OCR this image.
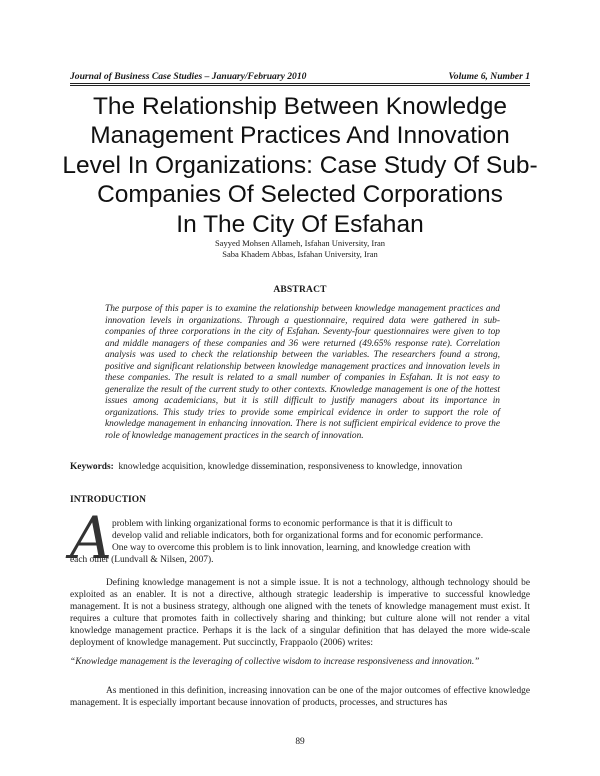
Journal of Business Case Studies – January/February 2010	Volume 6, Number 1
The Relationship Between Knowledge
Management Practices And Innovation
Level In Organizations: Case Study Of Sub-
Companies Of Selected Corporations
In The City Of Esfahan
Sayyed Mohsen Allameh, Isfahan University, Iran
Saba Khadem Abbas, Isfahan University, Iran
ABSTRACT
The purpose of this paper is to examine the relationship between knowledge management practices and innovation levels in organizations. Through a questionnaire, required data were gathered in sub-companies of three corporations in the city of Esfahan. Seventy-four questionnaires were given to top and middle managers of these companies and 36 were returned (49.65% response rate). Correlation analysis was used to check the relationship between the variables. The researchers found a strong, positive and significant relationship between knowledge management practices and innovation levels in these companies. The result is related to a small number of companies in Esfahan. It is not easy to generalize the result of the current study to other contexts. Knowledge management is one of the hottest issues among academicians, but it is still difficult to justify managers about its importance in organizations. This study tries to provide some empirical evidence in order to support the role of knowledge management in enhancing innovation. There is not sufficient empirical evidence to prove the role of knowledge management practices in the search of innovation.
Keywords: knowledge acquisition, knowledge dissemination, responsiveness to knowledge, innovation
INTRODUCTION
A problem with linking organizational forms to economic performance is that it is difficult to
develop valid and reliable indicators, both for organizational forms and for economic performance.
One way to overcome this problem is to link innovation, learning, and knowledge creation with
each other (Lundvall & Nilsen, 2007).
Defining knowledge management is not a simple issue. It is not a technology, although technology should be exploited as an enabler. It is not a directive, although strategic leadership is imperative to successful knowledge management. It is not a business strategy, although one aligned with the tenets of knowledge management must exist. It requires a culture that promotes faith in collectively sharing and thinking; but culture alone will not render a vital knowledge management practice. Perhaps it is the lack of a singular definition that has delayed the more wide-scale deployment of knowledge management. Put succinctly, Frappaolo (2006) writes:
“Knowledge management is the leveraging of collective wisdom to increase responsiveness and innovation.”
As mentioned in this definition, increasing innovation can be one of the major outcomes of effective knowledge management. It is especially important because innovation of products, processes, and structures has
89
